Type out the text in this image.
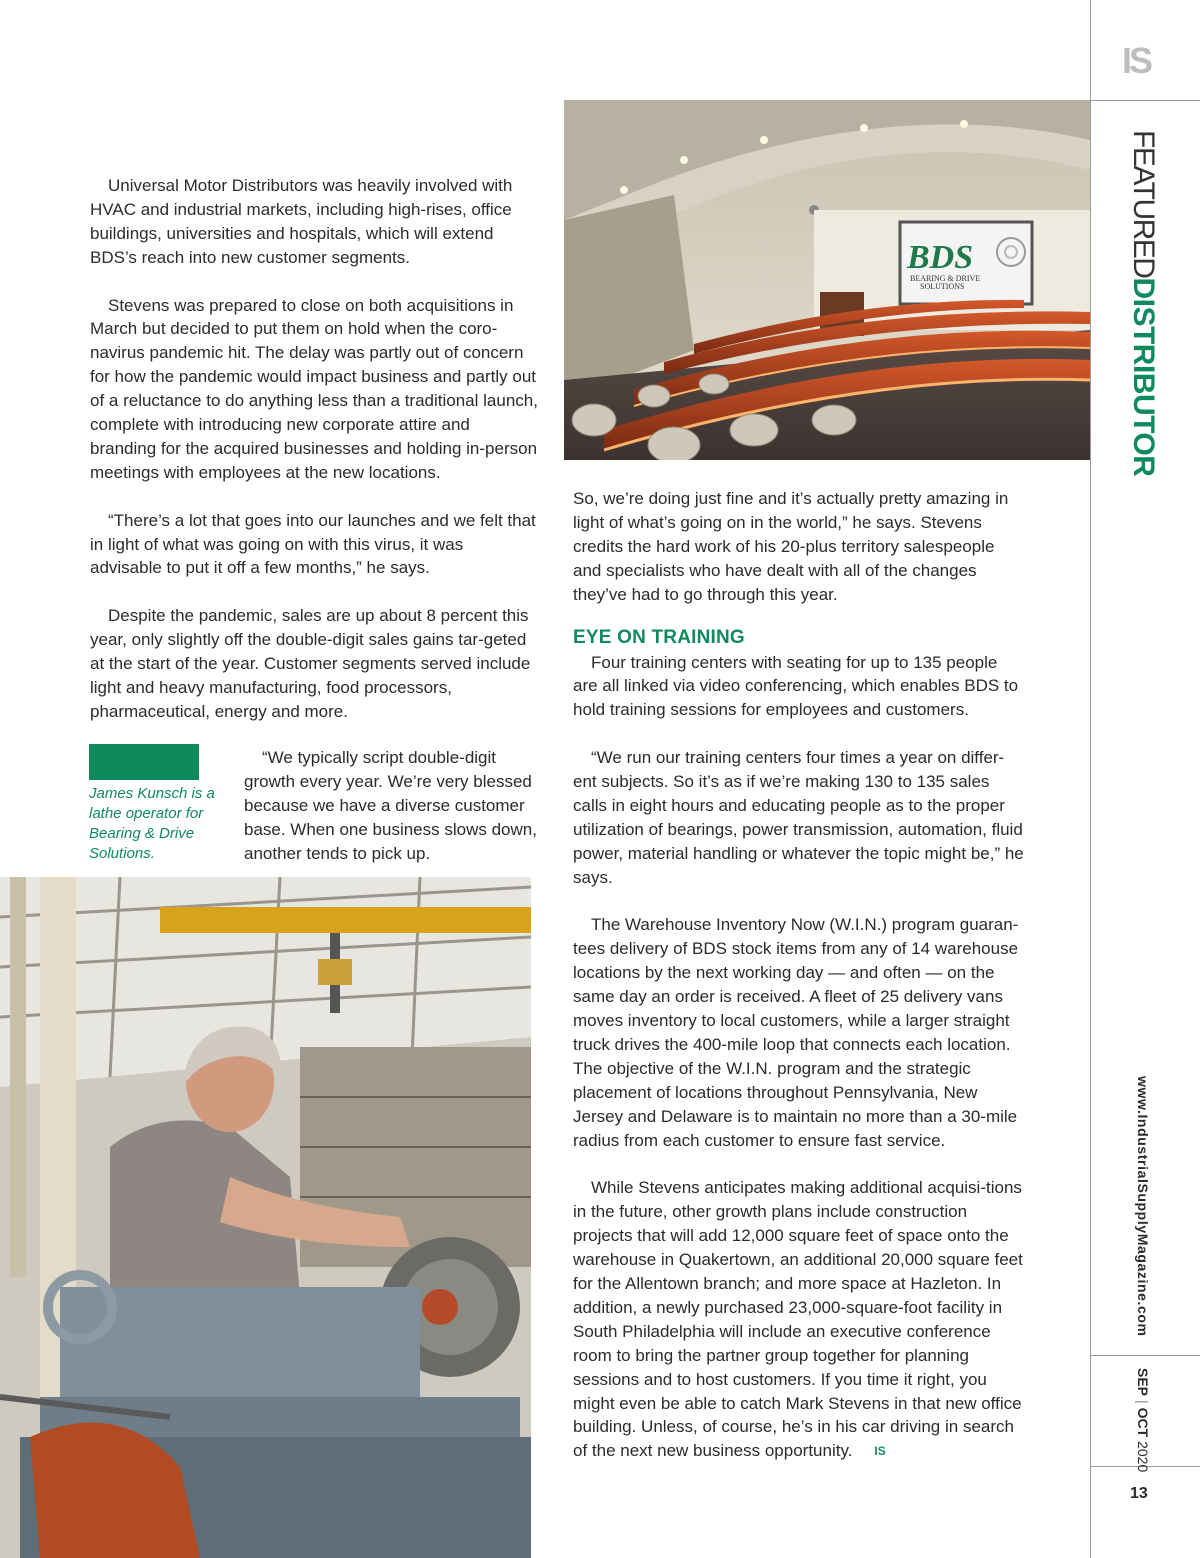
Universal Motor Distributors was heavily involved with HVAC and industrial markets, including high-rises, office buildings, universities and hospitals, which will extend BDS’s reach into new customer segments.

Stevens was prepared to close on both acquisitions in March but decided to put them on hold when the coro-navirus pandemic hit. The delay was partly out of concern for how the pandemic would impact business and partly out of a reluctance to do anything less than a traditional launch, complete with introducing new corporate attire and branding for the acquired businesses and holding in-person meetings with employees at the new locations.

“There’s a lot that goes into our launches and we felt that in light of what was going on with this virus, it was advisable to put it off a few months,” he says.

Despite the pandemic, sales are up about 8 percent this year, only slightly off the double-digit sales gains tar-geted at the start of the year. Customer segments served include light and heavy manufacturing, food processors, pharmaceutical, energy and more.

James Kunsch is a lathe operator for Bearing & Drive Solutions.

“We typically script double-digit growth every year. We’re very blessed because we have a diverse customer base. When one business slows down, another tends to pick up.

BDS
BEARING & DRIVE
SOLUTIONS

So, we’re doing just fine and it’s actually pretty amazing in light of what’s going on in the world,” he says. Stevens credits the hard work of his 20-plus territory salespeople and specialists who have dealt with all of the changes they’ve had to go through this year.

EYE ON TRAINING

Four training centers with seating for up to 135 people are all linked via video conferencing, which enables BDS to hold training sessions for employees and customers.

“We run our training centers four times a year on differ-ent subjects. So it’s as if we’re making 130 to 135 sales calls in eight hours and educating people as to the proper utilization of bearings, power transmission, automation, fluid power, material handling or whatever the topic might be,” he says.

The Warehouse Inventory Now (W.I.N.) program guaran-tees delivery of BDS stock items from any of 14 warehouse locations by the next working day — and often — on the same day an order is received. A fleet of 25 delivery vans moves inventory to local customers, while a larger straight truck drives the 400-mile loop that connects each location. The objective of the W.I.N. program and the strategic placement of locations throughout Pennsylvania, New Jersey and Delaware is to maintain no more than a 30-mile radius from each customer to ensure fast service.

While Stevens anticipates making additional acquisi-tions in the future, other growth plans include construction projects that will add 12,000 square feet of space onto the warehouse in Quakertown, an additional 20,000 square feet for the Allentown branch; and more space at Hazleton. In addition, a newly purchased 23,000-square-foot facility in South Philadelphia will include an executive conference room to bring the partner group together for planning sessions and to host customers. If you time it right, you might even be able to catch Mark Stevens in that new office building. Unless, of course, he’s in his car driving in search of the next new business opportunity. IS

IS
FEATUREDDISTRIBUTOR
www.IndustrialSupplyMagazine.com
SEP|OCT 2020
13
